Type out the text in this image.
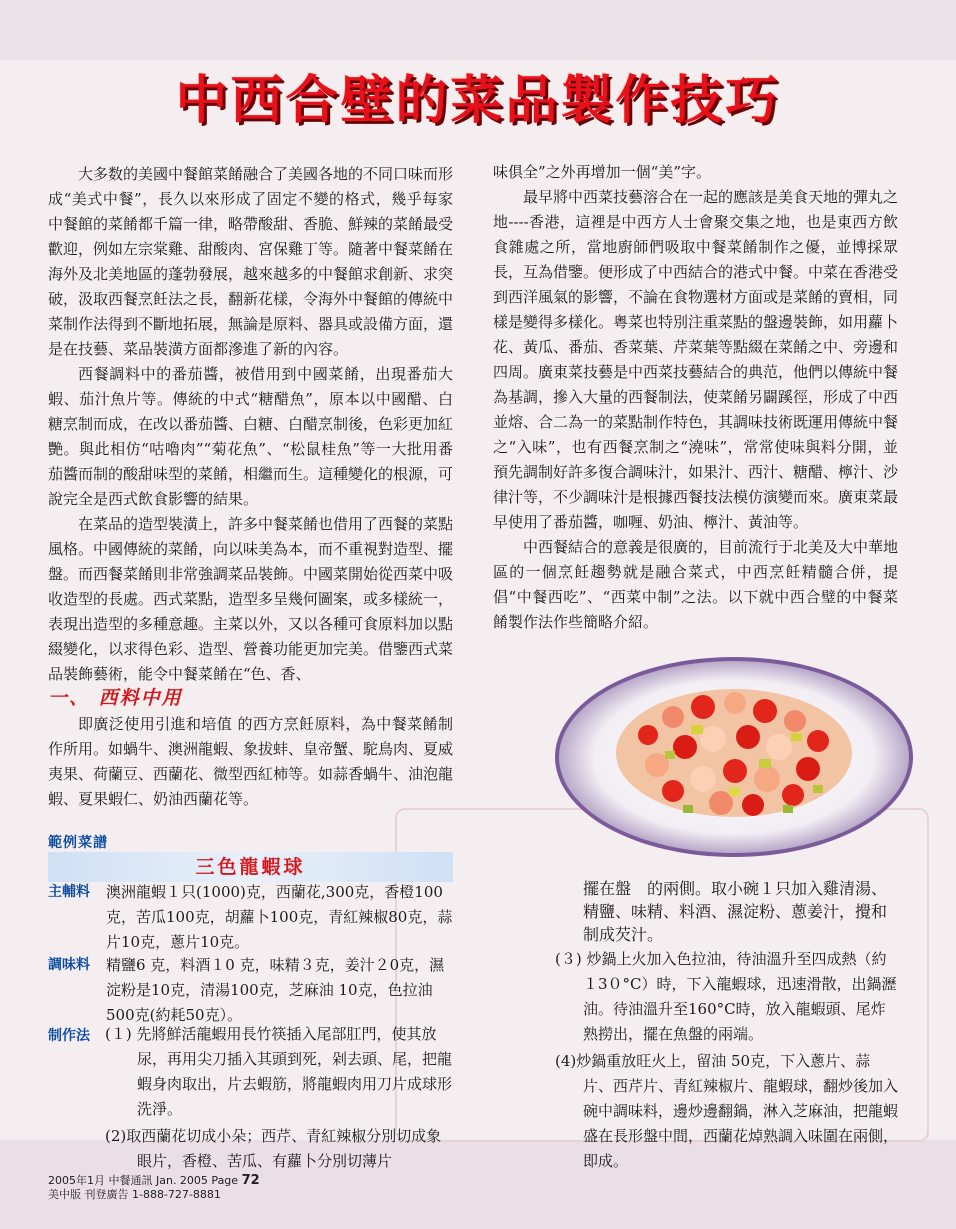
中西合壁的菜品製作技巧

大多数的美國中餐館菜餚融合了美國各地的不同口味而形成“美式中餐”，長久以來形成了固定不變的格式，幾乎每家中餐館的菜餚都千篇一律，略帶酸甜、香脆、鮮辣的菜餚最受歡迎，例如左宗棠雞、甜酸肉、宮保雞丁等。隨著中餐菜餚在海外及北美地區的蓬勃發展，越來越多的中餐館求創新、求突破，汲取西餐烹飪法之長，翻新花樣，令海外中餐館的傳統中菜制作法得到不斷地拓展，無論是原料、器具或設備方面，還是在技藝、菜品裝潢方面都滲進了新的內容。

西餐調料中的番茄醬，被借用到中國菜餚，出現番茄大蝦、茄汁魚片等。傳統的中式“糖醋魚”，原本以中國醋、白糖烹制而成，在改以番茄醬、白糖、白醋烹制後，色彩更加紅艷。與此相仿“咕嚕肉”“菊花魚”、“松鼠桂魚”等一大批用番茄醬而制的酸甜味型的菜餚，相繼而生。這種變化的根源，可說完全是西式飲食影響的結果。

在菜品的造型裝潢上，許多中餐菜餚也借用了西餐的菜點風格。中國傳統的菜餚，向以味美為本，而不重視對造型、擺盤。而西餐菜餚則非常強調菜品裝飾。中國菜開始從西菜中吸收造型的長處。西式菜點，造型多呈幾何圖案，或多樣統一，表現出造型的多種意趣。主菜以外，又以各種可食原料加以點綴變化，以求得色彩、造型、營養功能更加完美。借鑒西式菜品裝飾藝術，能令中餐菜餚在“色、香、

味俱全”之外再增加一個“美”字。

最早將中西菜技藝溶合在一起的應該是美食天地的彈丸之地----香港，這裡是中西方人士會聚交集之地，也是東西方飲食雜處之所，當地廚師們吸取中餐菜餚制作之優，並博採眾長，互為借鑒。便形成了中西結合的港式中餐。中菜在香港受到西洋風氣的影響，不論在食物選材方面或是菜餚的賣相，同樣是變得多樣化。粵菜也特別注重菜點的盤邊裝飾，如用蘿卜花、黃瓜、番茄、香菜葉、芹菜葉等點綴在菜餚之中、旁邊和四周。廣東菜技藝是中西菜技藝結合的典范，他們以傳統中餐為基調，摻入大量的西餐制法，使菜餚另闢蹊徑，形成了中西並熔、合二為一的菜點制作特色，其調味技術既運用傳統中餐之“入味”，也有西餐烹制之“澆味”，常常使味與料分開，並預先調制好許多復合調味汁，如果汁、西汁、糖醋、檸汁、沙律汁等，不少調味汁是根據西餐技法模仿演變而來。廣東菜最早使用了番茄醬，咖喱、奶油、檸汁、黃油等。

中西餐結合的意義是很廣的，目前流行于北美及大中華地區的一個烹飪趨勢就是融合菜式，中西烹飪精髓合併，提倡“中餐西吃”、“西菜中制”之法。以下就中西合璧的中餐菜餚製作法作些簡略介紹。

一、 西料中用

即廣泛使用引進和培值 的西方烹飪原料，為中餐菜餚制作所用。如蝸牛、澳洲龍蝦、象拔蚌、皇帝蟹、駝鳥肉、夏威夷果、荷蘭豆、西蘭花、微型西紅柿等。如蒜香蝸牛、油泡龍蝦、夏果蝦仁、奶油西蘭花等。

範例菜譜
三色龍蝦球
主輔料 澳洲龍蝦１只(1000)克，西蘭花,300克，香橙100克，苦瓜100克，胡蘿卜100克，青紅辣椒80克，蒜片10克，蔥片10克。
調味料 精鹽6 克，料酒１0 克，味精３克，姜汁２0克，濕淀粉是10克，清湯100克，芝麻油 10克，色拉油 500克(約耗50克）。
制作法 (１) 先將鮮活龍蝦用長竹筷插入尾部肛門，使其放尿，再用尖刀插入其頭到死，剁去頭、尾，把龍蝦身肉取出，片去蝦筋，將龍蝦肉用刀片成球形洗淨。
(2)取西蘭花切成小朵；西芹、青紅辣椒分別切成象眼片，香橙、苦瓜、有蘿卜分別切薄片
擺在盤　的兩側。取小碗１只加入雞清湯、精鹽、味精、料酒、濕淀粉、蔥姜汁，攪和制成芡汁。
(３) 炒鍋上火加入色拉油，待油溫升至四成熱（約１3０°C）時，下入龍蝦球，迅速滑散，出鍋瀝油。待油溫升至160°C時，放入龍蝦頭、尾炸熟撈出，擺在魚盤的兩端。
(4)炒鍋重放旺火上，留油 50克，下入蔥片、蒜片、西芹片、青紅辣椒片、龍蝦球，翻炒後加入碗中調味料，邊炒邊翻鍋，淋入芝麻油，把龍蝦盛在長形盤中間，西蘭花焯熟調入味圍在兩側，即成。
2005年1月 中餐通訊 Jan. 2005 Page 72
美中版 刊登廣告 1-888-727-8881
